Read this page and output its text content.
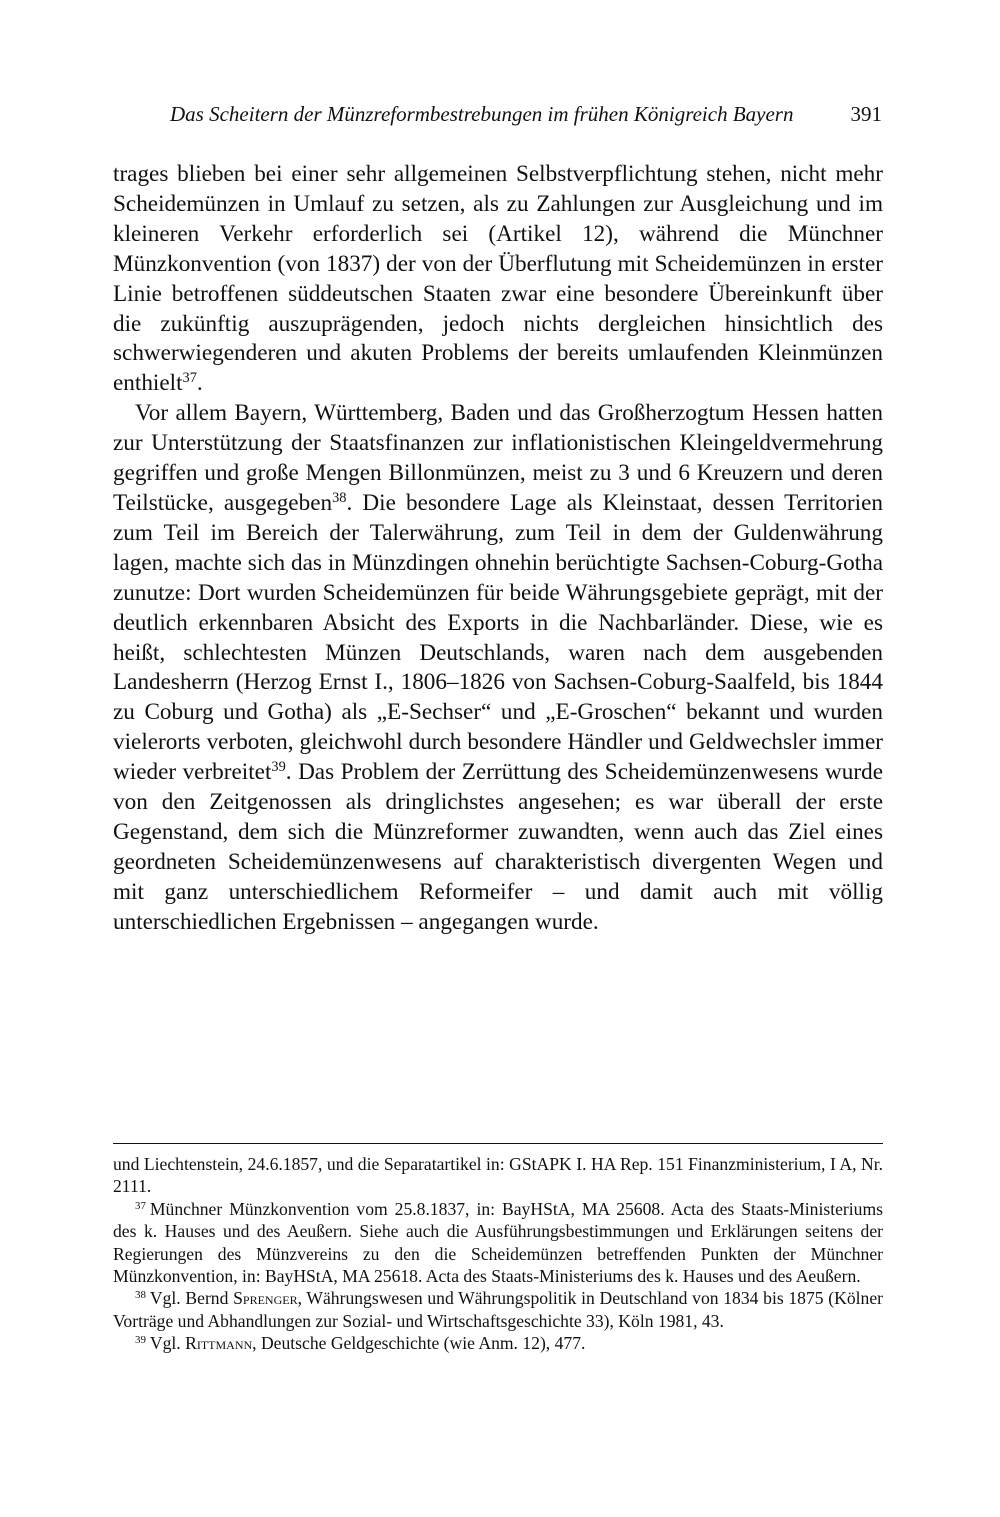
Das Scheitern der Münzreformbestrebungen im frühen Königreich Bayern	391

trages blieben bei einer sehr allgemeinen Selbstverpflichtung stehen, nicht mehr Scheidemünzen in Umlauf zu setzen, als zu Zahlungen zur Ausgleichung und im kleineren Verkehr erforderlich sei (Artikel 12), während die Münchner Münzkonvention (von 1837) der von der Überflutung mit Scheidemünzen in erster Linie betroffenen süddeutschen Staaten zwar eine besondere Übereinkunft über die zukünftig auszuprägenden, jedoch nichts dergleichen hinsichtlich des schwerwiegenderen und akuten Problems der bereits umlaufenden Kleinmünzen enthielt$^{37}$.

Vor allem Bayern, Württemberg, Baden und das Großherzogtum Hessen hatten zur Unterstützung der Staatsfinanzen zur inflationistischen Kleingeldvermehrung gegriffen und große Mengen Billonmünzen, meist zu 3 und 6 Kreuzern und deren Teilstücke, ausgegeben$^{38}$. Die besondere Lage als Kleinstaat, dessen Territorien zum Teil im Bereich der Talerwährung, zum Teil in dem der Guldenwährung lagen, machte sich das in Münzdingen ohnehin berüchtigte Sachsen-Coburg-Gotha zunutze: Dort wurden Scheidemünzen für beide Währungsgebiete geprägt, mit der deutlich erkennbaren Absicht des Exports in die Nachbarländer. Diese, wie es heißt, schlechtesten Münzen Deutschlands, waren nach dem ausgebenden Landesherrn (Herzog Ernst I., 1806–1826 von Sachsen-Coburg-Saalfeld, bis 1844 zu Coburg und Gotha) als „E-Sechser“ und „E-Groschen“ bekannt und wurden vielerorts verboten, gleichwohl durch besondere Händler und Geldwechsler immer wieder verbreitet$^{39}$. Das Problem der Zerrüttung des Scheidemünzenwesens wurde von den Zeitgenossen als dringlichstes angesehen; es war überall der erste Gegenstand, dem sich die Münzreformer zuwandten, wenn auch das Ziel eines geordneten Scheidemünzenwesens auf charakteristisch divergenten Wegen und mit ganz unterschiedlichem Reformeifer – und damit auch mit völlig unterschiedlichen Ergebnissen – angegangen wurde.

und Liechtenstein, 24.6.1857, und die Separatartikel in: GStAPK I. HA Rep. 151 Finanzministerium, I A, Nr. 2111.

$^{37}$ Münchner Münzkonvention vom 25.8.1837, in: BayHStA, MA 25608. Acta des Staats-Ministeriums des k. Hauses und des Aeußern. Siehe auch die Ausführungsbestimmungen und Erklärungen seitens der Regierungen des Münzvereins zu den die Scheidemünzen betreffenden Punkten der Münchner Münzkonvention, in: BayHStA, MA 25618. Acta des Staats-Ministeriums des k. Hauses und des Aeußern.

$^{38}$ Vgl. Bernd Sprenger, Währungswesen und Währungspolitik in Deutschland von 1834 bis 1875 (Kölner Vorträge und Abhandlungen zur Sozial- und Wirtschaftsgeschichte 33), Köln 1981, 43.

$^{39}$ Vgl. Rittmann, Deutsche Geldgeschichte (wie Anm. 12), 477.
